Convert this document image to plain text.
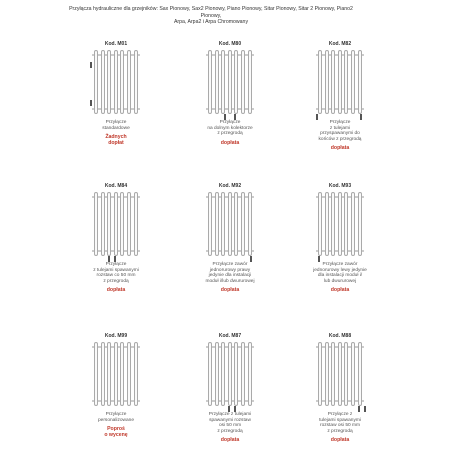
Przyłącza hydrauliczne dla grzejników: Sax Pionowy, Sax2 Pionowy, Piano Pionowy, Sitar Pionowy, Sitar 2 Pionowy, Piano2 Pionowy,
Arpa, Arpa2 i Arpa Chromowany
Kod. M01
Przyłącze
standardowe
Żadnych
dopłat
Kod. M80
Przyłącze
na dolnym kolektorze
z przegrodą
dopłata
Kod. M82
Przyłącze
z tulejami
przyspawanymi do
końców z przegrodą
dopłata
Kod. M84
Przyłącze
z tulejami spawanymi
rozstaw co 50 mm
z przegrodą
dopłata
Kod. M92
Przyłącze zawór
jednorurowy prawy
jedynie dla instalacji
moduł i/lub dwururowej
dopłata
Kod. M93
Przyłącze zawór
jednorurowy lewy jedynie
dla instalacji moduł i/
lub dwururowej
dopłata
Kod. M99
Przyłącze
personalizowane
Poproś
o wycenę
Kod. M87
Przyłącze z tulejami
spawanymi rozstaw
osi 50 mm
z przegrodą
dopłata
Kod. M88
Przyłącze z
tulejami spawanymi
rozstaw osi 50 mm
z przegrodą
dopłata
